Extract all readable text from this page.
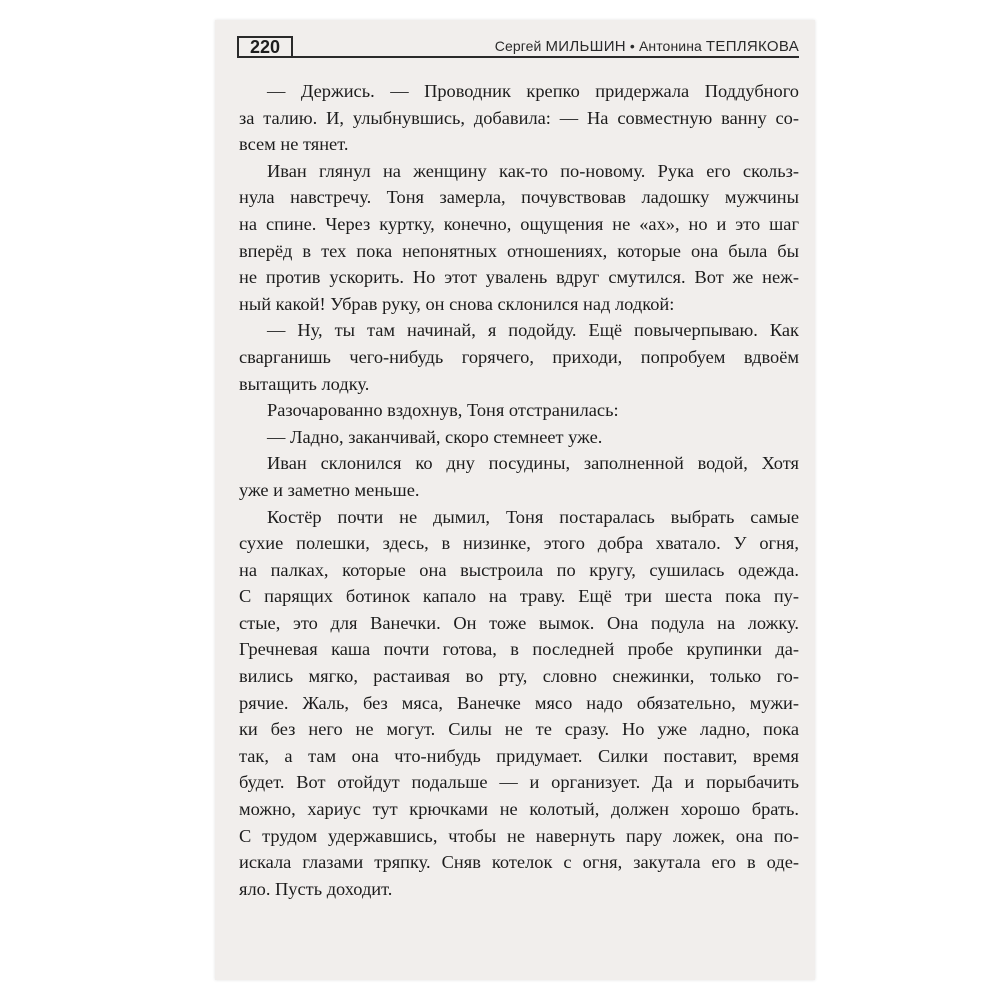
220	Сергей МИЛЬШИН • Антонина ТЕПЛЯКОВА
— Держись. — Проводник крепко придержала Поддубного
за талию. И, улыбнувшись, добавила: — На совместную ванну со-
всем не тянет.
Иван глянул на женщину как-то по-новому. Рука его скольз-
нула навстречу. Тоня замерла, почувствовав ладошку мужчины
на спине. Через куртку, конечно, ощущения не «ах», но и это шаг
вперёд в тех пока непонятных отношениях, которые она была бы
не против ускорить. Но этот увалень вдруг смутился. Вот же неж-
ный какой! Убрав руку, он снова склонился над лодкой:
— Ну, ты там начинай, я подойду. Ещё повычерпываю. Как
сварганишь чего-нибудь горячего, приходи, попробуем вдвоём
вытащить лодку.
Разочарованно вздохнув, Тоня отстранилась:
— Ладно, заканчивай, скоро стемнеет уже.
Иван склонился ко дну посудины, заполненной водой, Хотя
уже и заметно меньше.
Костёр почти не дымил, Тоня постаралась выбрать самые
сухие полешки, здесь, в низинке, этого добра хватало. У огня,
на палках, которые она выстроила по кругу, сушилась одежда.
С парящих ботинок капало на траву. Ещё три шеста пока пу-
стые, это для Ванечки. Он тоже вымок. Она подула на ложку.
Гречневая каша почти готова, в последней пробе крупинки да-
вились мягко, растаивая во рту, словно снежинки, только го-
рячие. Жаль, без мяса, Ванечке мясо надо обязательно, мужи-
ки без него не могут. Силы не те сразу. Но уже ладно, пока
так, а там она что-нибудь придумает. Силки поставит, время
будет. Вот отойдут подальше — и организует. Да и порыбачить
можно, хариус тут крючками не колотый, должен хорошо брать.
С трудом удержавшись, чтобы не навернуть пару ложек, она по-
искала глазами тряпку. Сняв котелок с огня, закутала его в оде-
яло. Пусть доходит.
